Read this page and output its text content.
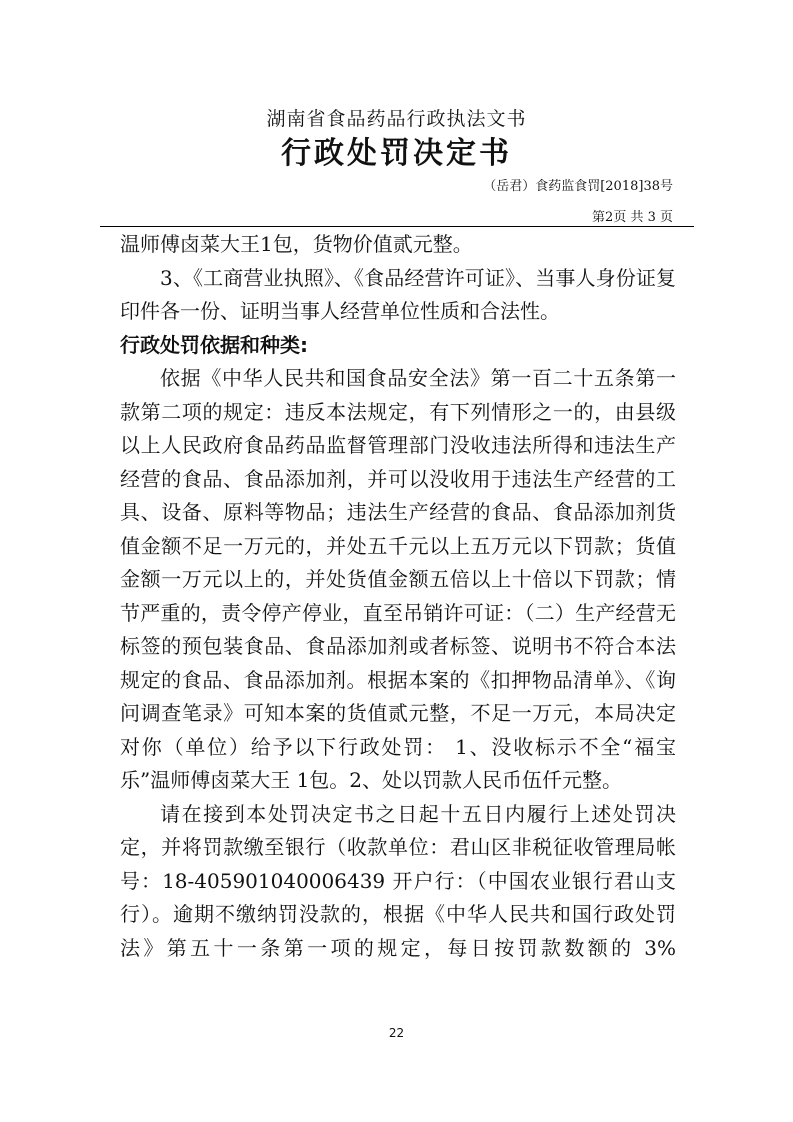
湖南省食品药品行政执法文书
行政处罚决定书
（岳君）食药监食罚[2018]38号
第2页 共 3 页

温师傅卤菜大王1包，货物价值贰元整。

3、《工商营业执照》、《食品经营许可证》、当事人身份证复印件各一份、证明当事人经营单位性质和合法性。

行政处罚依据和种类:

依据《中华人民共和国食品安全法》第一百二十五条第一款第二项的规定：违反本法规定，有下列情形之一的，由县级以上人民政府食品药品监督管理部门没收违法所得和违法生产经营的食品、食品添加剂，并可以没收用于违法生产经营的工具、设备、原料等物品；违法生产经营的食品、食品添加剂货值金额不足一万元的，并处五千元以上五万元以下罚款；货值金额一万元以上的，并处货值金额五倍以上十倍以下罚款；情节严重的，责令停产停业，直至吊销许可证：（二）生产经营无标签的预包装食品、食品添加剂或者标签、说明书不符合本法规定的食品、食品添加剂。根据本案的《扣押物品清单》、《询问调查笔录》可知本案的货值贰元整，不足一万元，本局决定对你（单位）给予以下行政处罚： 1、没收标示不全“福宝乐”温师傅卤菜大王 1包。2、处以罚款人民币伍仟元整。

请在接到本处罚决定书之日起十五日内履行上述处罚决定，并将罚款缴至银行（收款单位：君山区非税征收管理局帐号：18-405901040006439 开户行：（中国农业银行君山支行）。逾期不缴纳罚没款的，根据《中华人民共和国行政处罚法》第五十一条第一项的规定，每日按罚款数额的 3%

22
